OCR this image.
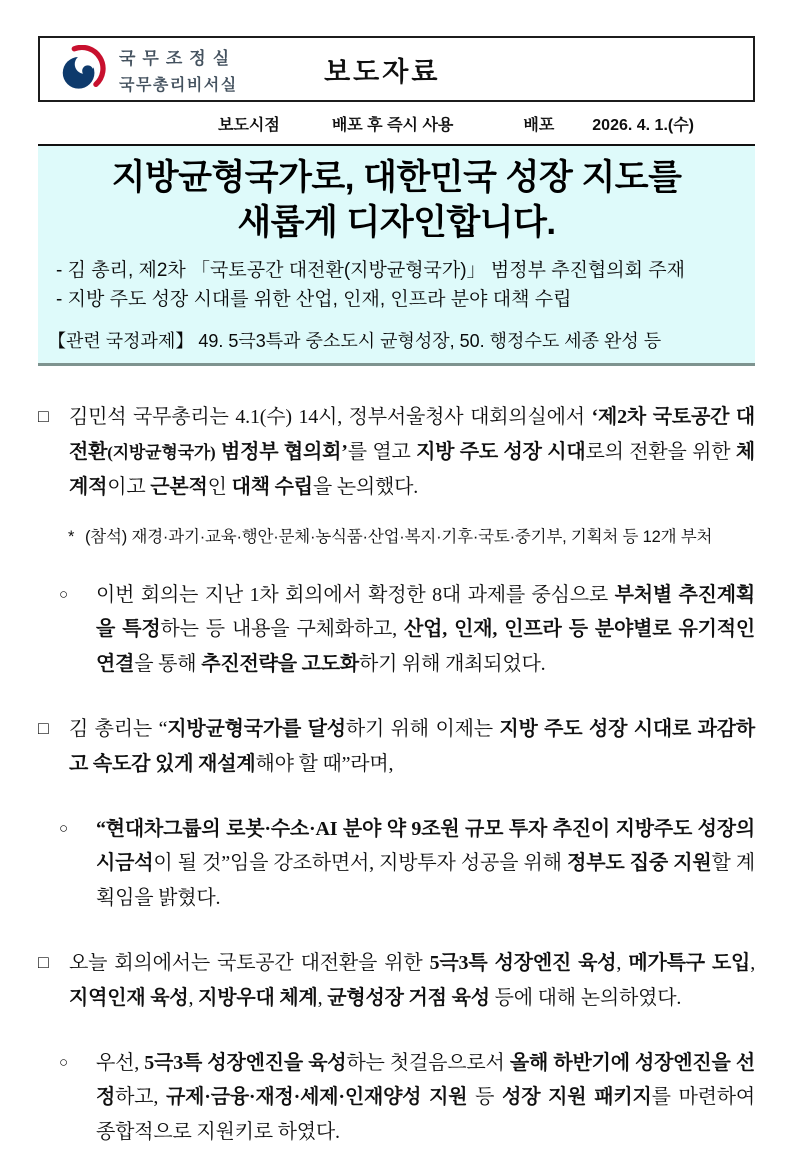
국무조정실
국무총리비서실	보도자료
보도시점	배포 후 즉시 사용	배포 2026. 4. 1.(수)
지방균형국가로, 대한민국 성장 지도를
새롭게 디자인합니다.
- 김 총리, 제2차 「국토공간 대전환(지방균형국가)」 범정부 추진협의회 주재
- 지방 주도 성장 시대를 위한 산업, 인재, 인프라 분야 대책 수립
【관련 국정과제】 49. 5극3특과 중소도시 균형성장, 50. 행정수도 세종 완성 등
□ 김민석 국무총리는 4.1(수) 14시, 정부서울청사 대회의실에서 ‘제2차 국토공간 대전환(지방균형국가) 범정부 협의회’를 열고 지방 주도 성장 시대로의 전환을 위한 체계적이고 근본적인 대책 수립을 논의했다.
* (참석) 재경·과기·교육·행안·문체·농식품·산업·복지·기후·국토·중기부, 기획처 등 12개 부처
○ 이번 회의는 지난 1차 회의에서 확정한 8대 과제를 중심으로 부처별 추진계획을 특정하는 등 내용을 구체화하고, 산업, 인재, 인프라 등 분야별로 유기적인 연결을 통해 추진전략을 고도화하기 위해 개최되었다.
□ 김 총리는 “지방균형국가를 달성하기 위해 이제는 지방 주도 성장 시대로 과감하고 속도감 있게 재설계해야 할 때”라며,
○ “현대차그룹의 로봇·수소·AI 분야 약 9조원 규모 투자 추진이 지방주도 성장의 시금석이 될 것”임을 강조하면서, 지방투자 성공을 위해 정부도 집중 지원할 계획임을 밝혔다.
□ 오늘 회의에서는 국토공간 대전환을 위한 5극3특 성장엔진 육성, 메가특구 도입, 지역인재 육성, 지방우대 체계, 균형성장 거점 육성 등에 대해 논의하였다.
○ 우선, 5극3특 성장엔진을 육성하는 첫걸음으로서 올해 하반기에 성장엔진을 선정하고, 규제·금융·재정·세제·인재양성 지원 등 성장 지원 패키지를 마련하여 종합적으로 지원키로 하였다.
